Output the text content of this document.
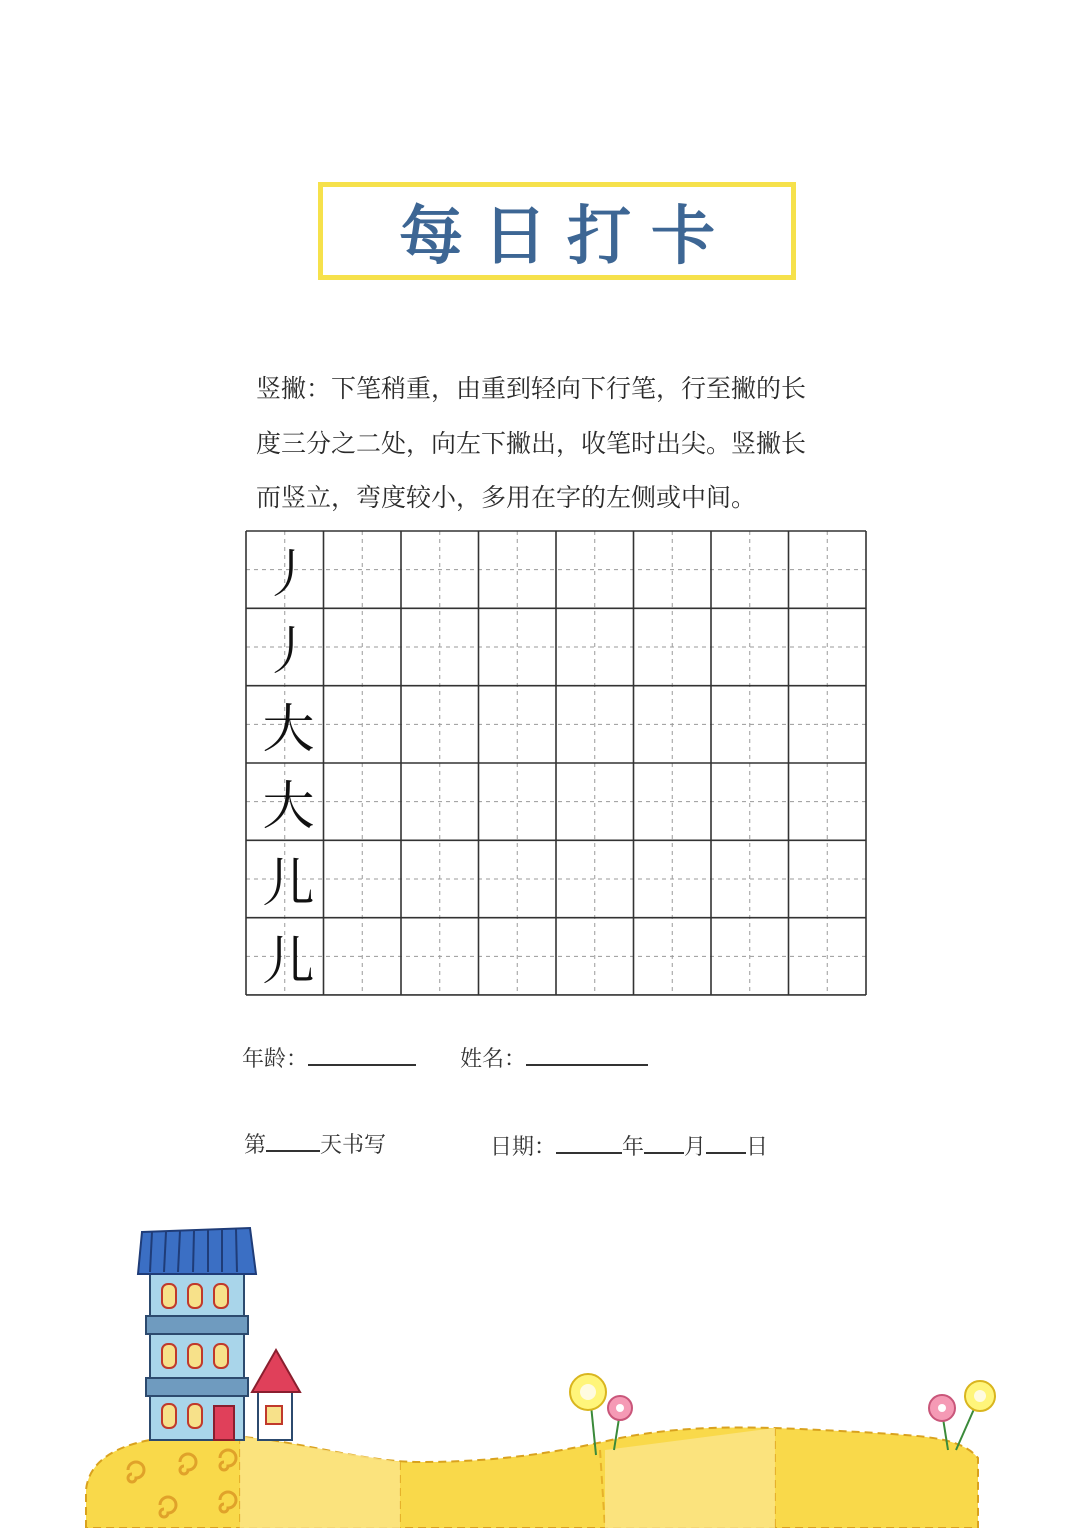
每日打卡
竖撇：下笔稍重，由重到轻向下行笔，行至撇的长
度三分之二处，向左下撇出，收笔时出尖。竖撇长
而竖立，弯度较小，多用在字的左侧或中间。
丿
丿
大
大
儿
儿
年龄：	姓名：
第 天书写	日期：	年 月 日
